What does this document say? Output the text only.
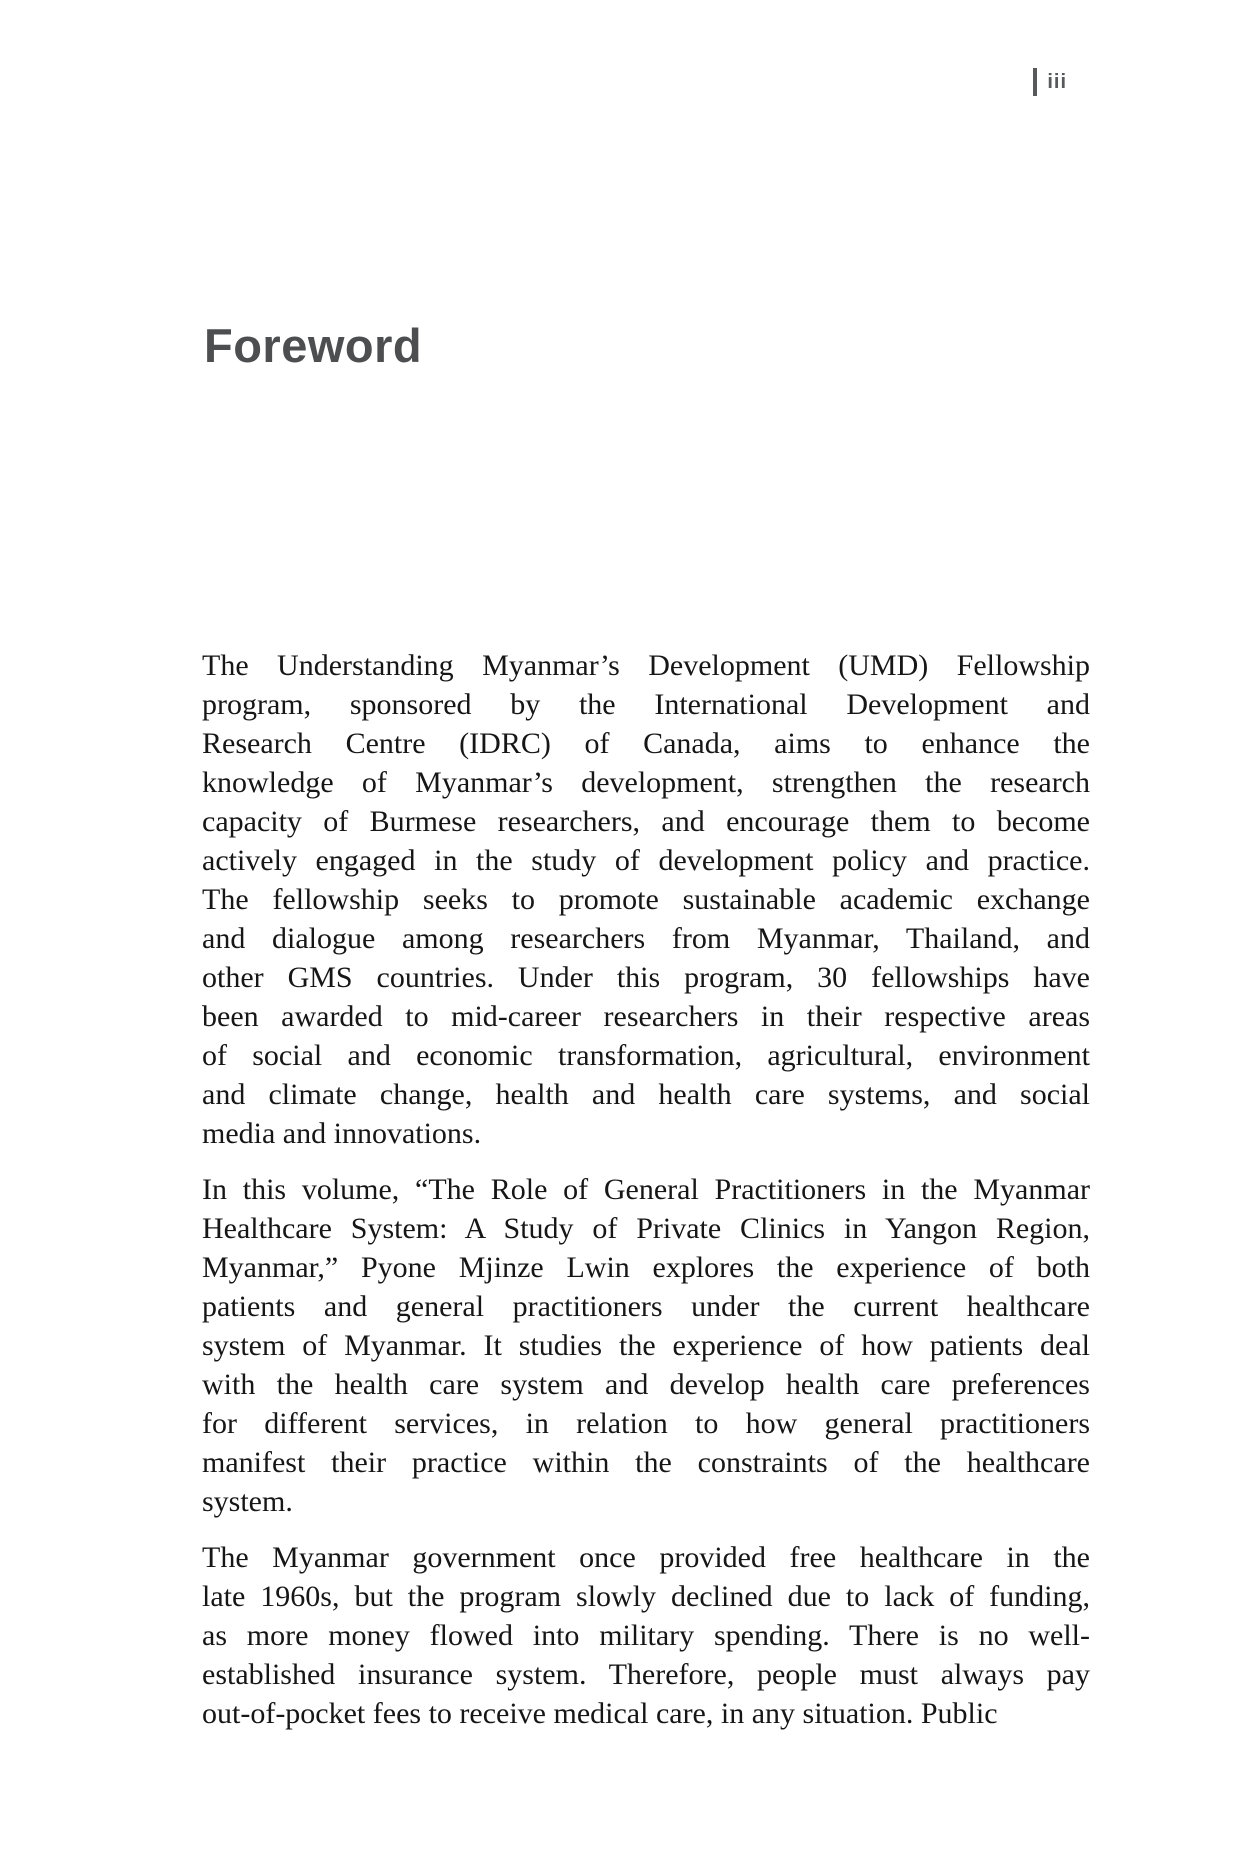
iii
Foreword
The Understanding Myanmar’s Development (UMD) Fellowship
program, sponsored by the International Development and
Research Centre (IDRC) of Canada, aims to enhance the
knowledge of Myanmar’s development, strengthen the research
capacity of Burmese researchers, and encourage them to become
actively engaged in the study of development policy and practice.
The fellowship seeks to promote sustainable academic exchange
and dialogue among researchers from Myanmar, Thailand, and
other GMS countries. Under this program, 30 fellowships have
been awarded to mid-career researchers in their respective areas
of social and economic transformation, agricultural, environment
and climate change, health and health care systems, and social
media and innovations.
In this volume, “The Role of General Practitioners in the Myanmar
Healthcare System: A Study of Private Clinics in Yangon Region,
Myanmar,” Pyone Mjinze Lwin explores the experience of both
patients and general practitioners under the current healthcare
system of Myanmar. It studies the experience of how patients deal
with the health care system and develop health care preferences
for different services, in relation to how general practitioners
manifest their practice within the constraints of the healthcare
system.
The Myanmar government once provided free healthcare in the
late 1960s, but the program slowly declined due to lack of funding,
as more money flowed into military spending. There is no well-
established insurance system. Therefore, people must always pay
out-of-pocket fees to receive medical care, in any situation. Public
